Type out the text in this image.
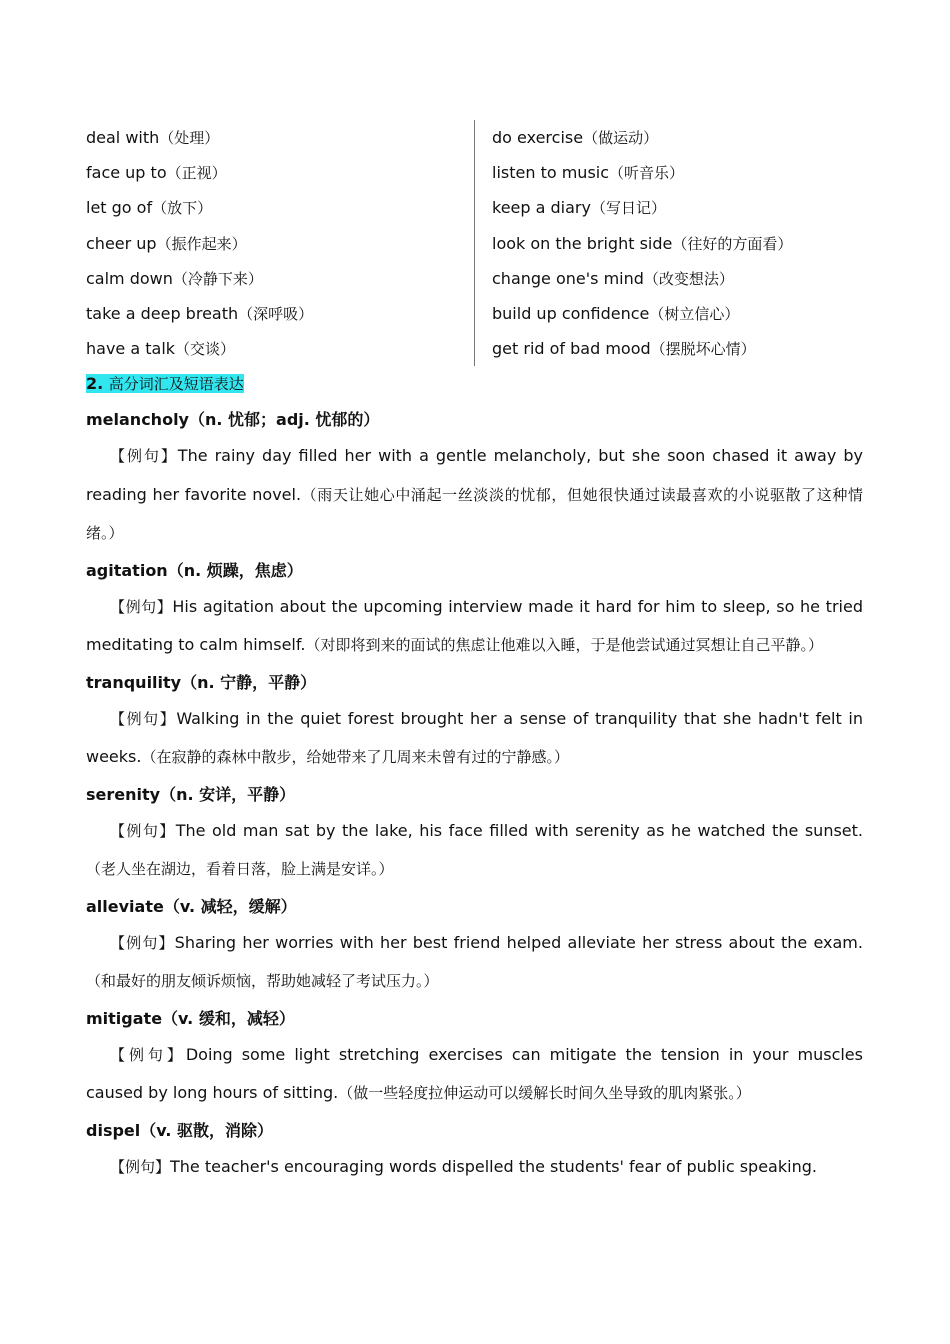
deal with（处理）
face up to（正视）
let go of（放下）
cheer up（振作起来）
calm down（冷静下来）
take a deep breath（深呼吸）
have a talk（交谈）
do exercise（做运动）
listen to music（听音乐）
keep a diary（写日记）
look on the bright side（往好的方面看）
change one's mind（改变想法）
build up confidence（树立信心）
get rid of bad mood（摆脱坏心情）
2. 高分词汇及短语表达
melancholy（n. 忧郁；adj. 忧郁的）
【例句】The rainy day filled her with a gentle melancholy, but she soon chased it away by reading her favorite novel.（雨天让她心中涌起一丝淡淡的忧郁，但她很快通过读最喜欢的小说驱散了这种情绪。）
agitation（n. 烦躁，焦虑）
【例句】His agitation about the upcoming interview made it hard for him to sleep, so he tried meditating to calm himself.（对即将到来的面试的焦虑让他难以入睡，于是他尝试通过冥想让自己平静。）
tranquility（n. 宁静，平静）
【例句】Walking in the quiet forest brought her a sense of tranquility that she hadn't felt in weeks.（在寂静的森林中散步，给她带来了几周来未曾有过的宁静感。）
serenity（n. 安详，平静）
【例句】The old man sat by the lake, his face filled with serenity as he watched the sunset.（老人坐在湖边，看着日落，脸上满是安详。）
alleviate（v. 减轻，缓解）
【例句】Sharing her worries with her best friend helped alleviate her stress about the exam.（和最好的朋友倾诉烦恼，帮助她减轻了考试压力。）
mitigate（v. 缓和，减轻）
【例句】Doing some light stretching exercises can mitigate the tension in your muscles caused by long hours of sitting.（做一些轻度拉伸运动可以缓解长时间久坐导致的肌肉紧张。）
dispel（v. 驱散，消除）
【例句】The teacher's encouraging words dispelled the students' fear of public speaking.
